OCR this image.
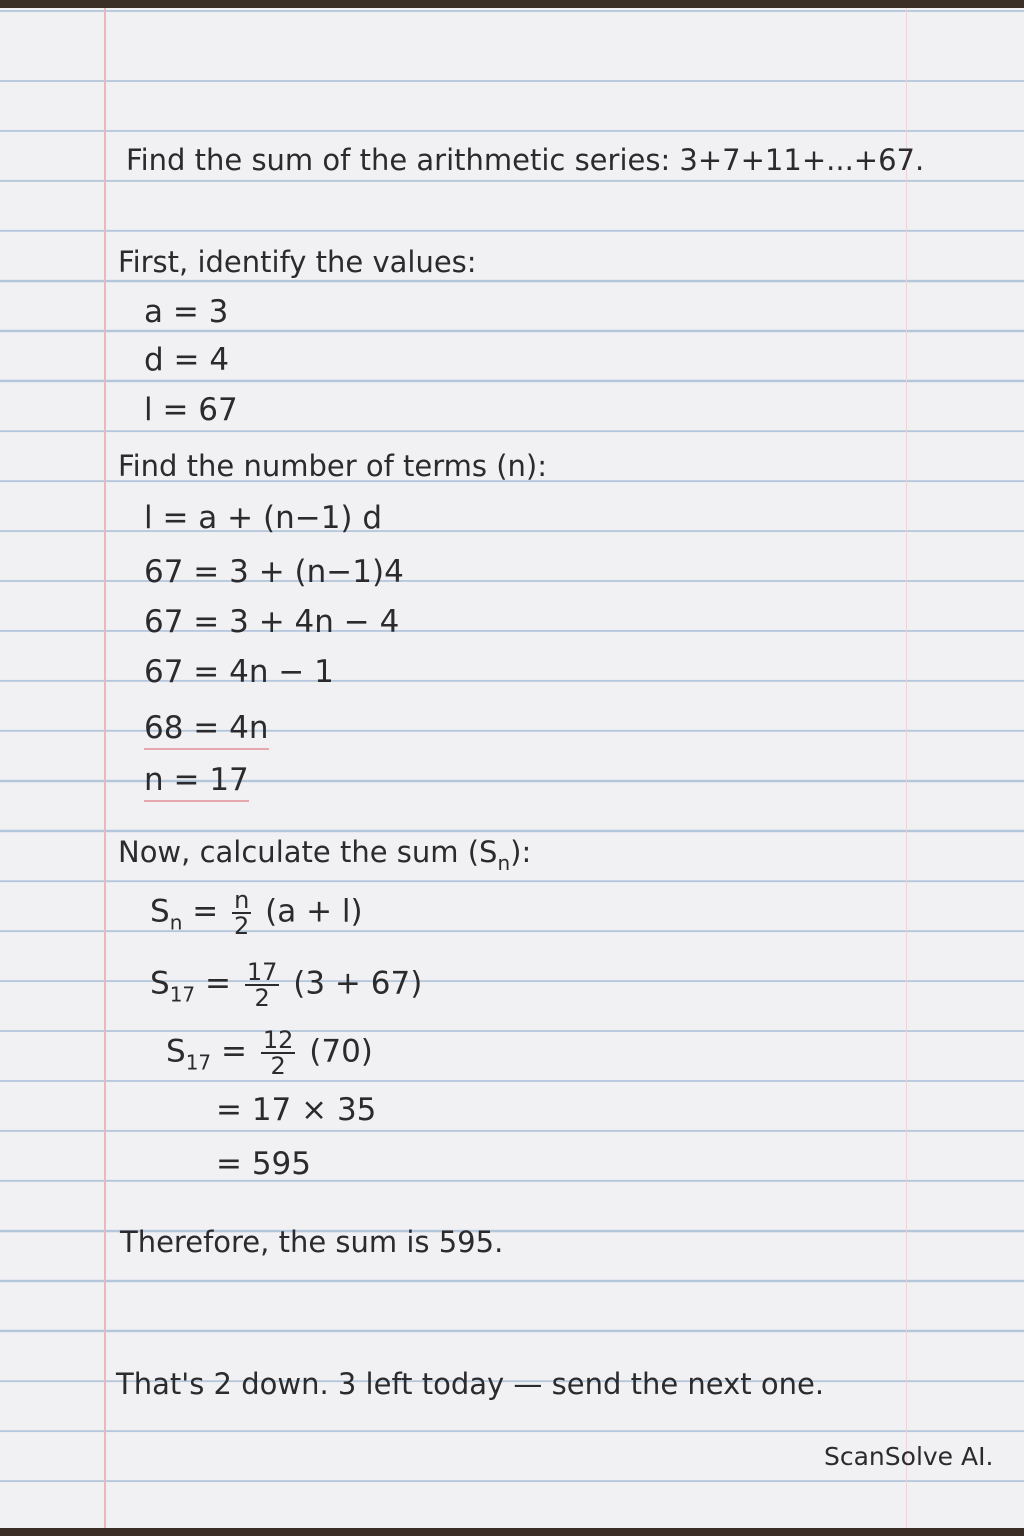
Find the sum of the arithmetic series: 3+7+11+...+67.
First, identify the values:
a = 3
d = 4
l = 67
Find the number of terms (n):
l = a + (n−1) d
67 = 3 + (n−1)4
67 = 3 + 4n − 4
67 = 4n − 1
68 = 4n
n = 17
Now, calculate the sum $(S_n)$:
$S_n = \frac{n}{2} (a + l)$
$S_{17} = \frac{17}{2} (3 + 67)$
$S_{17} = \frac{12}{2} (70)$
= 17 × 35
= 595
Therefore, the sum is 595.
That's 2 down. 3 left today — send the next one.
ScanSolve AI.
